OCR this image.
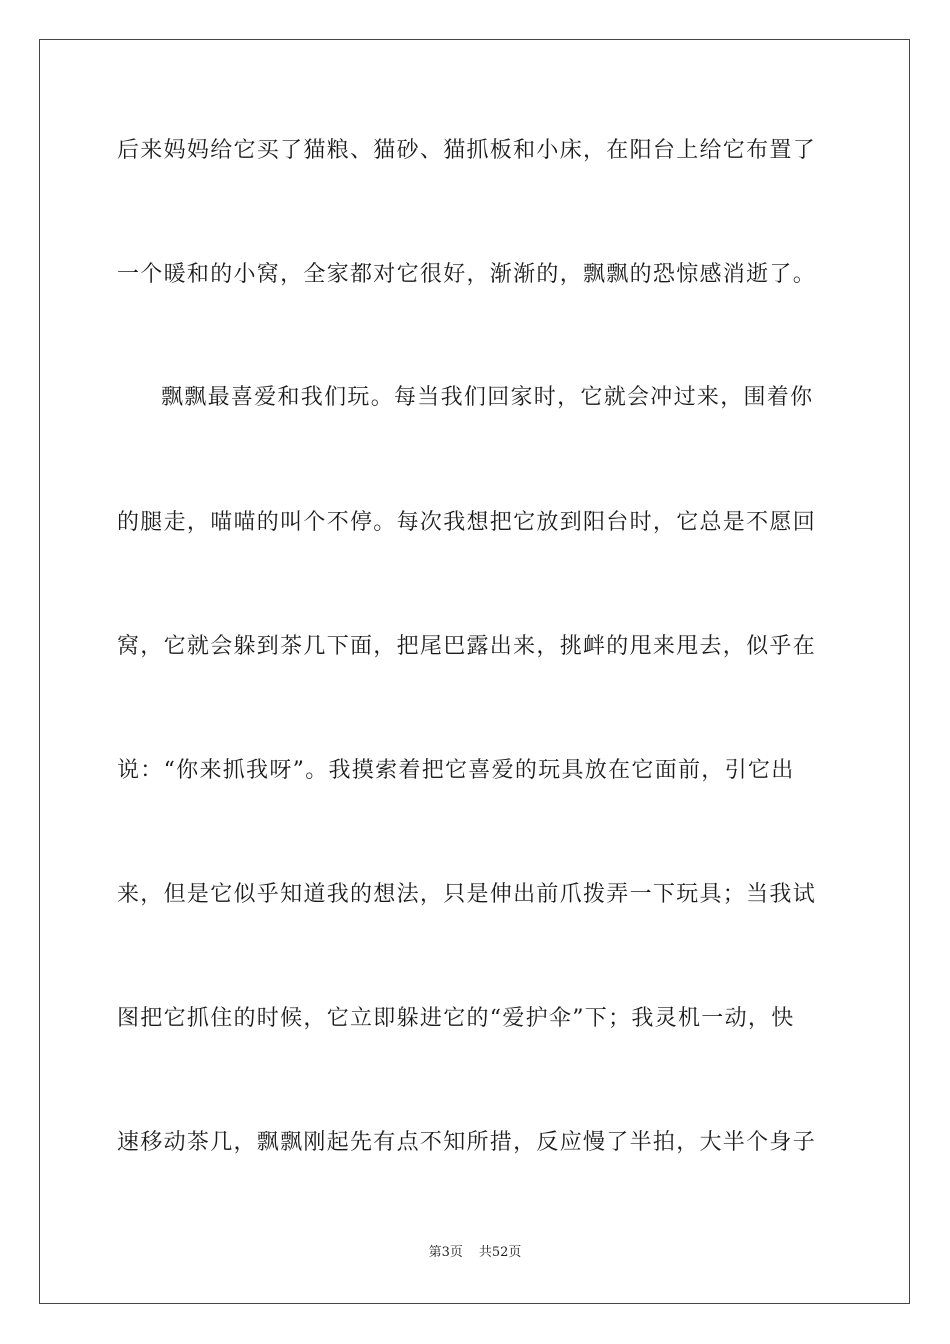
后来妈妈给它买了猫粮、猫砂、猫抓板和小床，在阳台上给它布置了
一个暖和的小窝，全家都对它很好，渐渐的，飘飘的恐惊感消逝了。
飘飘最喜爱和我们玩。每当我们回家时，它就会冲过来，围着你
的腿走，喵喵的叫个不停。每次我想把它放到阳台时，它总是不愿回
窝，它就会躲到茶几下面，把尾巴露出来，挑衅的甩来甩去，似乎在
说：“你来抓我呀”。我摸索着把它喜爱的玩具放在它面前，引它出
来，但是它似乎知道我的想法，只是伸出前爪拨弄一下玩具；当我试
图把它抓住的时候，它立即躲进它的“爱护伞”下；我灵机一动，快
速移动茶几，飘飘刚起先有点不知所措，反应慢了半拍，大半个身子
第3页 共52页
